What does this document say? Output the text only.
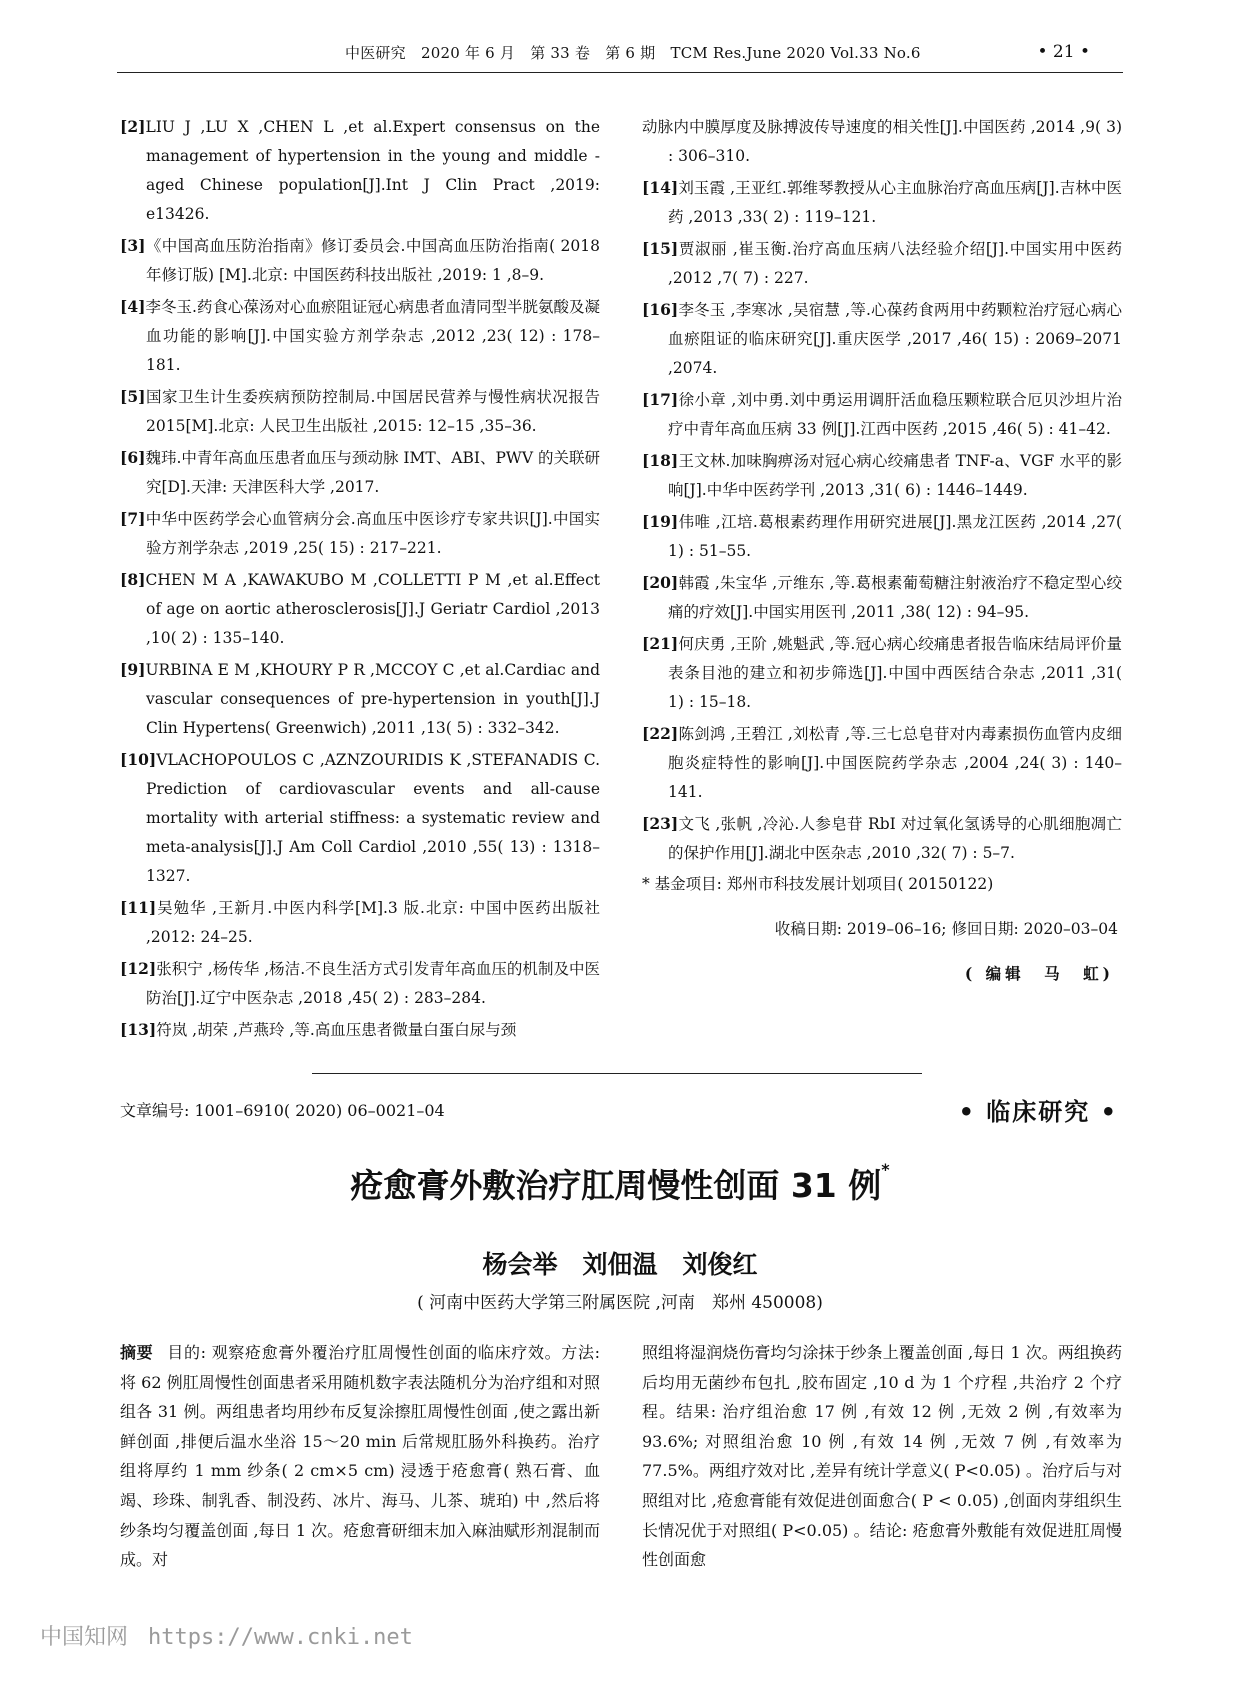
中医研究　2020 年 6 月　第 33 卷　第 6 期　TCM Res.June 2020 Vol.33 No.6	• 21 •

[2]LIU J ,LU X ,CHEN L ,et al.Expert consensus on the management of hypertension in the young and middle - aged Chinese population[J].Int J Clin Pract ,2019: e13426.

[3]《中国高血压防治指南》修订委员会.中国高血压防治指南( 2018 年修订版) [M].北京: 中国医药科技出版社 ,2019: 1 ,8–9.

[4]李冬玉.药食心葆汤对心血瘀阻证冠心病患者血清同型半胱氨酸及凝血功能的影响[J].中国实验方剂学杂志 ,2012 ,23( 12) : 178–181.

[5]国家卫生计生委疾病预防控制局.中国居民营养与慢性病状况报告 2015[M].北京: 人民卫生出版社 ,2015: 12–15 ,35–36.

[6]魏玮.中青年高血压患者血压与颈动脉 IMT、ABI、PWV 的关联研究[D].天津: 天津医科大学 ,2017.

[7]中华中医药学会心血管病分会.高血压中医诊疗专家共识[J].中国实验方剂学杂志 ,2019 ,25( 15) : 217–221.

[8]CHEN M A ,KAWAKUBO M ,COLLETTI P M ,et al.Effect of age on aortic atherosclerosis[J].J Geriatr Cardiol ,2013 ,10( 2) : 135–140.

[9]URBINA E M ,KHOURY P R ,MCCOY C ,et al.Cardiac and vascular consequences of pre-hypertension in youth[J].J Clin Hypertens( Greenwich) ,2011 ,13( 5) : 332–342.

[10]VLACHOPOULOS C ,AZNZOURIDIS K ,STEFANADIS C. Prediction of cardiovascular events and all-cause mortality with arterial stiffness: a systematic review and meta-analysis[J].J Am Coll Cardiol ,2010 ,55( 13) : 1318–1327.

[11]吴勉华 ,王新月.中医内科学[M].3 版.北京: 中国中医药出版社 ,2012: 24–25.

[12]张积宁 ,杨传华 ,杨洁.不良生活方式引发青年高血压的机制及中医防治[J].辽宁中医杂志 ,2018 ,45( 2) : 283–284.

[13]符岚 ,胡荣 ,芦燕玲 ,等.高血压患者微量白蛋白尿与颈

动脉内中膜厚度及脉搏波传导速度的相关性[J].中国医药 ,2014 ,9( 3) : 306–310.

[14]刘玉霞 ,王亚红.郭维琴教授从心主血脉治疗高血压病[J].吉林中医药 ,2013 ,33( 2) : 119–121.

[15]贾淑丽 ,崔玉衡.治疗高血压病八法经验介绍[J].中国实用中医药 ,2012 ,7( 7) : 227.

[16]李冬玉 ,李寒冰 ,吴宿慧 ,等.心葆药食两用中药颗粒治疗冠心病心血瘀阻证的临床研究[J].重庆医学 ,2017 ,46( 15) : 2069–2071 ,2074.

[17]徐小章 ,刘中勇.刘中勇运用调肝活血稳压颗粒联合厄贝沙坦片治疗中青年高血压病 33 例[J].江西中医药 ,2015 ,46( 5) : 41–42.

[18]王文林.加味胸痹汤对冠心病心绞痛患者 TNF-a、VGF 水平的影响[J].中华中医药学刊 ,2013 ,31( 6) : 1446–1449.

[19]伟唯 ,江培.葛根素药理作用研究进展[J].黑龙江医药 ,2014 ,27( 1) : 51–55.

[20]韩霞 ,朱宝华 ,亓维东 ,等.葛根素葡萄糖注射液治疗不稳定型心绞痛的疗效[J].中国实用医刊 ,2011 ,38( 12) : 94–95.

[21]何庆勇 ,王阶 ,姚魁武 ,等.冠心病心绞痛患者报告临床结局评价量表条目池的建立和初步筛选[J].中国中西医结合杂志 ,2011 ,31( 1) : 15–18.

[22]陈剑鸿 ,王碧江 ,刘松青 ,等.三七总皂苷对内毒素损伤血管内皮细胞炎症特性的影响[J].中国医院药学杂志 ,2004 ,24( 3) : 140–141.

[23]文飞 ,张帆 ,冷沁.人参皂苷 RbI 对过氧化氢诱导的心肌细胞凋亡的保护作用[J].湖北中医杂志 ,2010 ,32( 7) : 5–7.

* 基金项目: 郑州市科技发展计划项目( 20150122)

收稿日期: 2019–06–16; 修回日期: 2020–03–04

( 编辑　马　虹)

文章编号: 1001–6910( 2020) 06–0021–04	• 临床研究 •
疮愈膏外敷治疗肛周慢性创面 31 例*
杨会举　刘佃温　刘俊红
( 河南中医药大学第三附属医院 ,河南　郑州 450008)
摘要 目的: 观察疮愈膏外覆治疗肛周慢性创面的临床疗效。方法: 将 62 例肛周慢性创面患者采用随机数字表法随机分为治疗组和对照组各 31 例。两组患者均用纱布反复涂擦肛周慢性创面 ,使之露出新鲜创面 ,排便后温水坐浴 15～20 min 后常规肛肠外科换药。治疗组将厚约 1 mm 纱条( 2 cm×5 cm) 浸透于疮愈膏( 熟石膏、血竭、珍珠、制乳香、制没药、冰片、海马、儿茶、琥珀) 中 ,然后将纱条均匀覆盖创面 ,每日 1 次。疮愈膏研细末加入麻油赋形剂混制而成。对
照组将湿润烧伤膏均匀涂抹于纱条上覆盖创面 ,每日 1 次。两组换药后均用无菌纱布包扎 ,胶布固定 ,10 d 为 1 个疗程 ,共治疗 2 个疗程。结果: 治疗组治愈 17 例 ,有效 12 例 ,无效 2 例 ,有效率为 93.6%; 对照组治愈 10 例 ,有效 14 例 ,无效 7 例 ,有效率为 77.5%。两组疗效对比 ,差异有统计学意义( P<0.05) 。治疗后与对照组对比 ,疮愈膏能有效促进创面愈合( P < 0.05) ,创面肉芽组织生长情况优于对照组( P<0.05) 。结论: 疮愈膏外敷能有效促进肛周慢性创面愈
中国知网 https://www.cnki.net
